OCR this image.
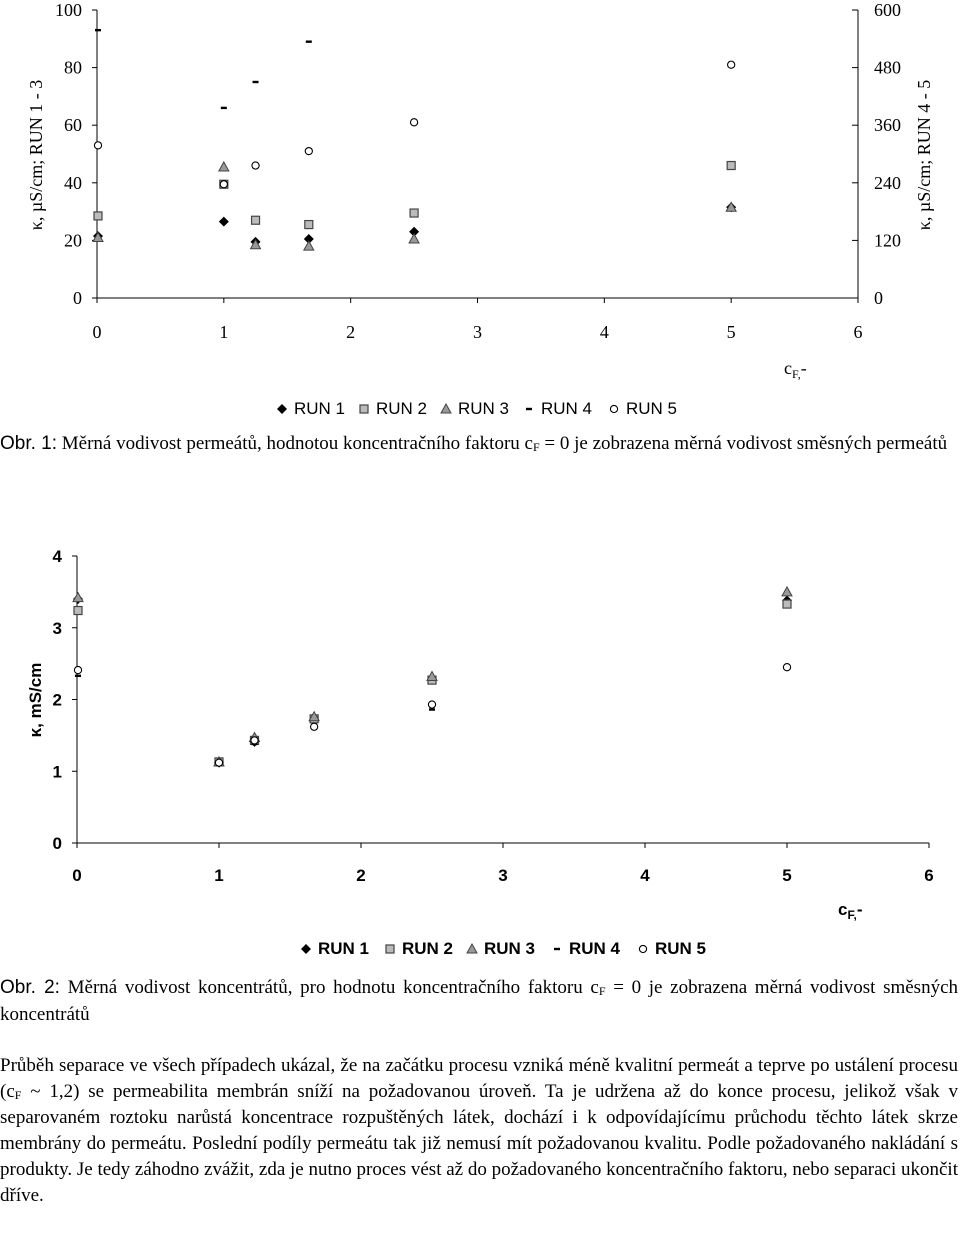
0
20
40
60
80
100
0
120
240
360
480
600
0	1	2	3	4	5	6
κ, µS/cm; RUN 1 - 3	κ, µS/cm; RUN 4 - 5
$c_{F,}-$
RUN 1 RUN 2 RUN 3 RUN 4 RUN 5
Obr. 1: Měrná vodivost permeátů, hodnotou koncentračního faktoru $c_F = 0$ je zobrazena měrná vodivost směsných permeátů
0
1
2
3
4
0	1	2	3	4	5	6
κ, mS/cm
$c_{F,}-$
RUN 1 RUN 2 RUN 3 RUN 4 RUN 5
Obr. 2: Měrná vodivost koncentrátů, pro hodnotu koncentračního faktoru $c_F = 0$ je zobrazena měrná vodivost směsných koncentrátů
Průběh separace ve všech případech ukázal, že na začátku procesu vzniká méně kvalitní permeát a teprve po ustálení procesu ($c_F$ ~ 1,2) se permeabilita membrán sníží na požadovanou úroveň. Ta je udržena až do konce procesu, jelikož však v separovaném roztoku narůstá koncentrace rozpuštěných látek, dochází i k odpovídajícímu průchodu těchto látek skrze membrány do permeátu. Poslední podíly permeátu tak již nemusí mít požadovanou kvalitu. Podle požadovaného nakládání s produkty. Je tedy záhodno zvážit, zda je nutno proces vést až do požadovaného koncentračního faktoru, nebo separaci ukončit dříve.
